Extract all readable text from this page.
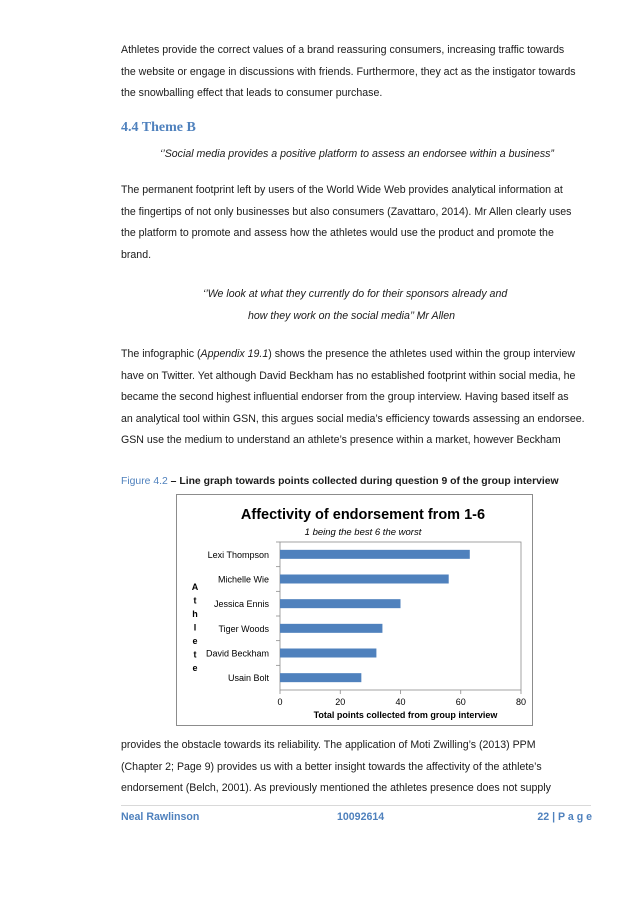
Athletes provide the correct values of a brand reassuring consumers, increasing traffic towards
the website or engage in discussions with friends. Furthermore, they act as the instigator towards
the snowballing effect that leads to consumer purchase.
4.4 Theme B

‘’Social media provides a positive platform to assess an endorsee within a business”

The permanent footprint left by users of the World Wide Web provides analytical information at
the fingertips of not only businesses but also consumers (Zavattaro, 2014). Mr Allen clearly uses
the platform to promote and assess how the athletes would use the product and promote the
brand.

‘’We look at what they currently do for their sponsors already and

how they work on the social media’’ Mr Allen

The infographic (Appendix 19.1) shows the presence the athletes used within the group interview
have on Twitter. Yet although David Beckham has no established footprint within social media, he
became the second highest influential endorser from the group interview. Having based itself as
an analytical tool within GSN, this argues social media’s efficiency towards assessing an endorsee.
GSN use the medium to understand an athlete’s presence within a market, however Beckham

Figure 4.2 – Line graph towards points collected during question 9 of the group interview

Affectivity of endorsement from 1-6
1 being the best 6 the worst
0	20	40	60	80
Lexi Thompson
Michelle Wie
Jessica Ennis
Tiger Woods
David Beckham
Usain Bolt
Total points collected from group interview
A
t
h
l
e
t
e
provides the obstacle towards its reliability. The application of Moti Zwilling’s (2013) PPM
(Chapter 2; Page 9) provides us with a better insight towards the affectivity of the athlete’s
endorsement (Belch, 2001). As previously mentioned the athletes presence does not supply
Neal Rawlinson	10092614	22 | P a g e
